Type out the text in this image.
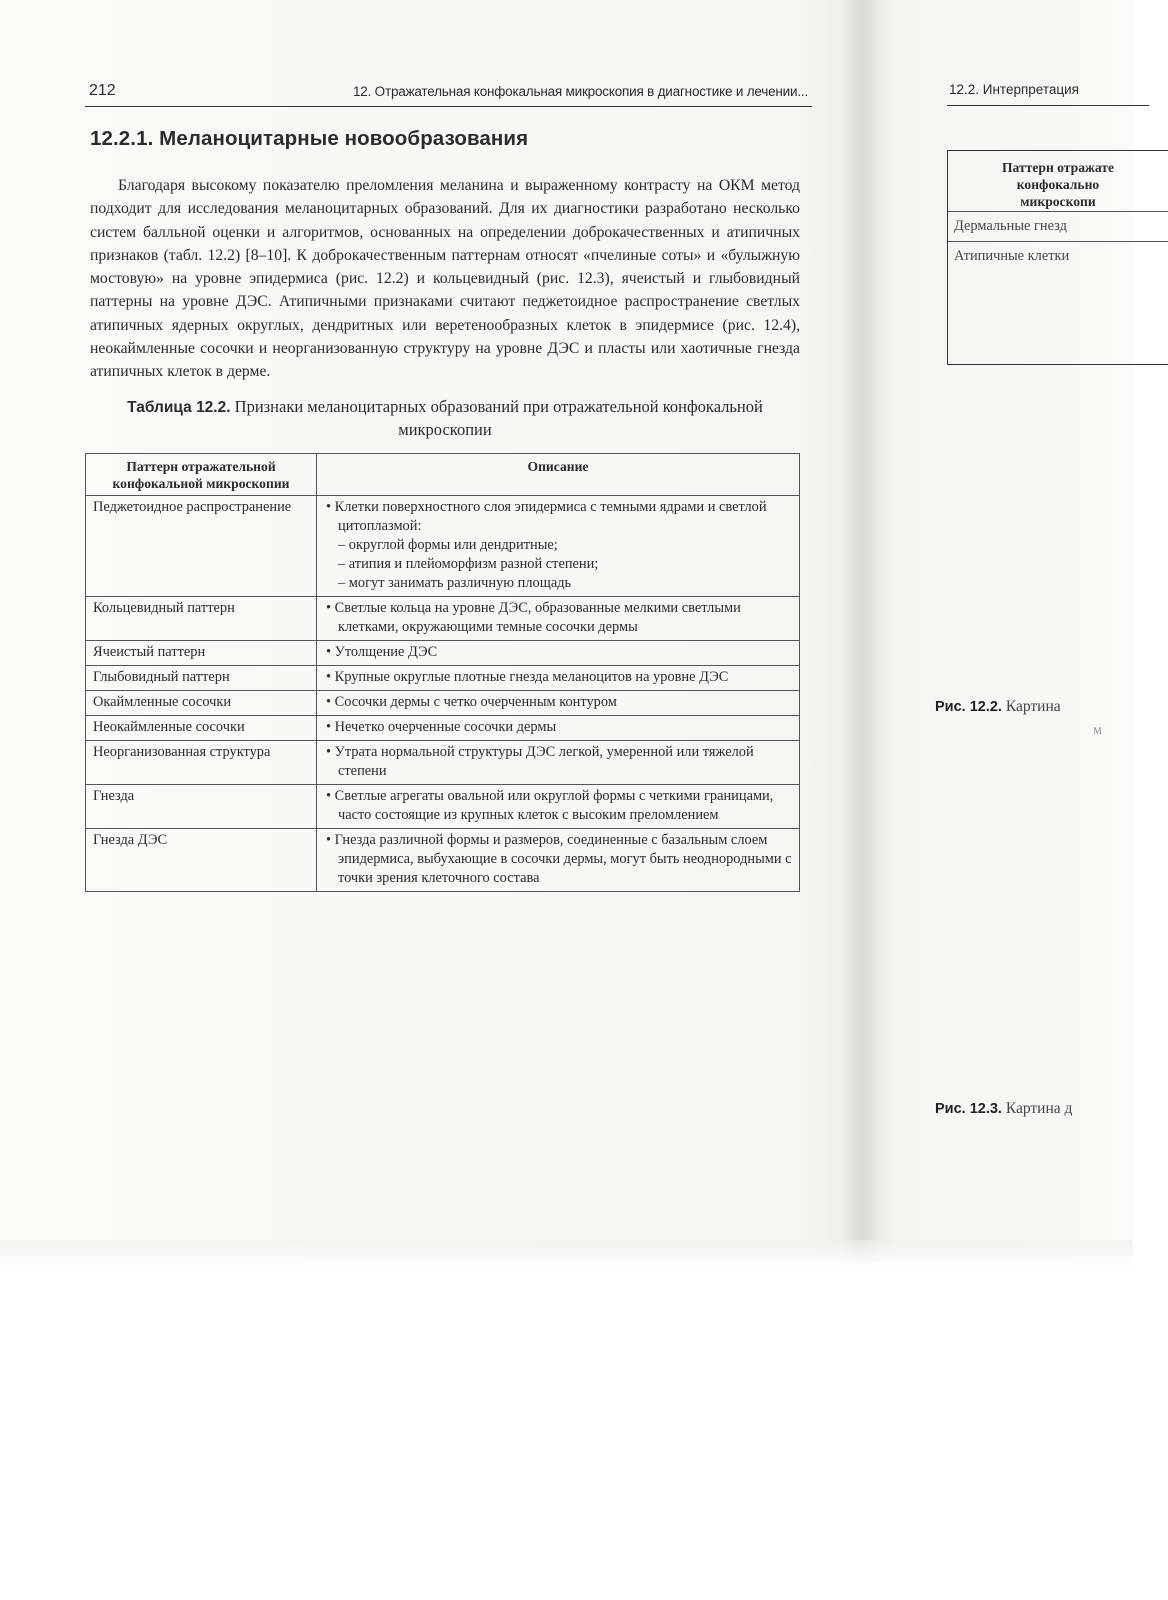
212	12. Отражательная конфокальная микроскопия в диагностике и лечении...
12.2.1. Меланоцитарные новообразования

Благодаря высокому показателю преломления меланина и выраженному контрасту на ОКМ метод подходит для исследования меланоцитарных образований. Для их диагностики разработано несколько систем балльной оценки и алгоритмов, основанных на определении доброкачественных и атипичных признаков (табл. 12.2) [8–10]. К доброкачественным паттернам относят «пчелиные соты» и «булыжную мостовую» на уровне эпидермиса (рис. 12.2) и кольцевидный (рис. 12.3), ячеистый и глыбовидный паттерны на уровне ДЭС. Атипичными признаками считают педжетоидное распространение светлых атипичных ядерных округлых, дендритных или веретенообразных клеток в эпидермисе (рис. 12.4), неокаймленные сосочки и неорганизованную структуру на уровне ДЭС и пласты или хаотичные гнезда атипичных клеток в дерме.

Таблица 12.2. Признаки меланоцитарных образований при отражательной конфокальной микроскопии
Паттерн отражательной конфокальной микроскопии	Описание
Педжетоидное распространение	• Клетки поверхностного слоя эпидермиса с темными ядрами и светлой цитоплазмой:
– округлой формы или дендритные;
– атипия и плейоморфизм разной степени;
– могут занимать различную площадь

Кольцевидный паттерн	• Светлые кольца на уровне ДЭС, образованные мелкими светлыми клетками, окружающими темные сосочки дермы

Ячеистый паттерн	• Утолщение ДЭС

Глыбовидный паттерн	• Крупные округлые плотные гнезда меланоцитов на уровне ДЭС

Окаймленные сосочки	• Сосочки дермы с четко очерченным контуром

Неокаймленные сосочки	• Нечетко очерченные сосочки дермы

Неорганизованная структура	• Утрата нормальной структуры ДЭС легкой, умеренной или тяжелой степени

Гнезда	• Светлые агрегаты овальной или округлой формы с четкими границами, часто состоящие из крупных клеток с высоким преломлением

Гнезда ДЭС	• Гнезда различной формы и размеров, соединенные с базальным слоем эпидермиса, выбухающие в сосочки дермы, могут быть неоднородными с точки зрения клеточного состава
12.2. Интерпретация
Паттерн отражате
конфокально
микроскопи
Дермальные гнезд
Атипичные клетки
Рис. 12.2. Картина
м
Рис. 12.3. Картина д
